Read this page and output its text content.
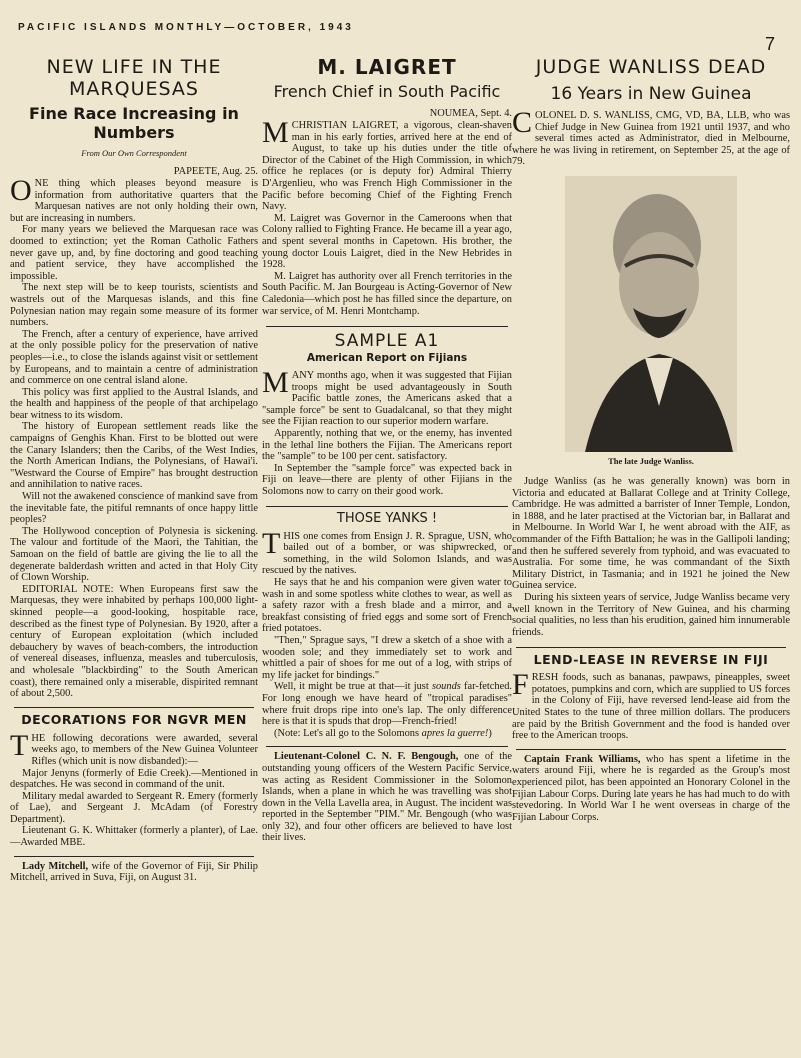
PACIFIC ISLANDS MONTHLY—OCTOBER, 1943
7
NEW LIFE IN THE MARQUESAS
Fine Race Increasing in Numbers
From Our Own Correspondent

PAPEETE, Aug. 25.

ONE thing which pleases beyond measure is information from authoritative quarters that the Marquesan natives are not only holding their own, but are increasing in numbers.

For many years we believed the Marquesan race was doomed to extinction; yet the Roman Catholic Fathers never gave up, and, by fine doctoring and good teaching and patient service, they have accomplished the impossible.

The next step will be to keep tourists, scientists and wastrels out of the Marquesas islands, and this fine Polynesian nation may regain some measure of its former numbers.

The French, after a century of experience, have arrived at the only possible policy for the preservation of native peoples—i.e., to close the islands against visit or settlement by Europeans, and to maintain a centre of administration and commerce on one central island alone.

This policy was first applied to the Austral Islands, and the health and happiness of the people of that archipelago bear witness to its wisdom.

The history of European settlement reads like the campaigns of Genghis Khan. First to be blotted out were the Canary Islanders; then the Caribs, of the West Indies, the North American Indians, the Polynesians, of Hawai'i. "Westward the Course of Empire" has brought destruction and annihilation to native races.

Will not the awakened conscience of mankind save from the inevitable fate, the pitiful remnants of once happy little peoples?

The Hollywood conception of Polynesia is sickening. The valour and fortitude of the Maori, the Tahitian, the Samoan on the field of battle are giving the lie to all the degenerate balderdash written and acted in that Holy City of Clown Worship.

EDITORIAL NOTE: When Europeans first saw the Marquesas, they were inhabited by perhaps 100,000 light-skinned people—a good-looking, hospitable race, described as the finest type of Polynesian. By 1920, after a century of European exploitation (which included debauchery by waves of beach-combers, the introduction of venereal diseases, influenza, measles and tuberculosis, and wholesale "blackbirding" to the South American coast), there remained only a miserable, dispirited remnant of about 2,500.

DECORATIONS FOR NGVR MEN

THE following decorations were awarded, several weeks ago, to members of the New Guinea Volunteer Rifles (which unit is now disbanded):—

Major Jenyns (formerly of Edie Creek).—Mentioned in despatches. He was second in command of the unit.

Military medal awarded to Sergeant R. Emery (formerly of Lae), and Sergeant J. McAdam (of Forestry Department).

Lieutenant G. K. Whittaker (formerly a planter), of Lae.—Awarded MBE.

Lady Mitchell, wife of the Governor of Fiji, Sir Philip Mitchell, arrived in Suva, Fiji, on August 31.

M. LAIGRET
French Chief in South Pacific

NOUMEA, Sept. 4.

MCHRISTIAN LAIGRET, a vigorous, clean-shaven man in his early forties, arrived here at the end of August, to take up his duties under the title of Director of the Cabinet of the High Commission, in which office he replaces (or is deputy for) Admiral Thierry D'Argenlieu, who was French High Commissioner in the Pacific before becoming Chief of the Fighting French Navy.

M. Laigret was Governor in the Cameroons when that Colony rallied to Fighting France. He became ill a year ago, and spent several months in Capetown. His brother, the young doctor Louis Laigret, died in the New Hebrides in 1928.

M. Laigret has authority over all French territories in the South Pacific. M. Jan Bourgeau is Acting-Governor of New Caledonia—which post he has filled since the departure, on war service, of M. Henri Montchamp.

SAMPLE A1
American Report on Fijians

MANY months ago, when it was suggested that Fijian troops might be used advantageously in South Pacific battle zones, the Americans asked that a "sample force" be sent to Guadalcanal, so that they might see the Fijian reaction to our superior modern warfare.

Apparently, nothing that we, or the enemy, has invented in the lethal line bothers the Fijian. The Americans report the "sample" to be 100 per cent. satisfactory.

In September the "sample force" was expected back in Fiji on leave—there are plenty of other Fijians in the Solomons now to carry on their good work.

THOSE YANKS !

THIS one comes from Ensign J. R. Sprague, USN, who bailed out of a bomber, or was shipwrecked, or something, in the wild Solomon Islands, and was rescued by the natives.

He says that he and his companion were given water to wash in and some spotless white clothes to wear, as well as a safety razor with a fresh blade and a mirror, and a breakfast consisting of fried eggs and some sort of French fried potatoes.

"Then," Sprague says, "I drew a sketch of a shoe with a wooden sole; and they immediately set to work and whittled a pair of shoes for me out of a log, with strips of my life jacket for bindings."

Well, it might be true at that—it just sounds far-fetched. For long enough we have heard of "tropical paradises" where fruit drops ripe into one's lap. The only difference here is that it is spuds that drop—French-fried!

(Note: Let's all go to the Solomons apres la guerre!)

Lieutenant-Colonel C. N. F. Bengough, one of the outstanding young officers of the Western Pacific Service, was acting as Resident Commissioner in the Solomon Islands, when a plane in which he was travelling was shot down in the Vella Lavella area, in August. The incident was reported in the September "PIM." Mr. Bengough (who was only 32), and four other officers are believed to have lost their lives.

JUDGE WANLISS DEAD
16 Years in New Guinea

COLONEL D. S. WANLISS, CMG, VD, BA, LLB, who was Chief Judge in New Guinea from 1921 until 1937, and who several times acted as Administrator, died in Melbourne, where he was living in retirement, on September 25, at the age of 79.

The late Judge Wanliss.

Judge Wanliss (as he was generally known) was born in Victoria and educated at Ballarat College and at Trinity College, Cambridge. He was admitted a barrister of Inner Temple, London, in 1888, and he later practised at the Victorian bar, in Ballarat and in Melbourne. In World War I, he went abroad with the AIF, as commander of the Fifth Battalion; he was in the Gallipoli landing; and then he suffered severely from typhoid, and was evacuated to Australia. For some time, he was commandant of the Sixth Military District, in Tasmania; and in 1921 he joined the New Guinea service.

During his sixteen years of service, Judge Wanliss became very well known in the Territory of New Guinea, and his charming social qualities, no less than his erudition, gained him innumerable friends.

LEND-LEASE IN REVERSE IN FIJI

FRESH foods, such as bananas, pawpaws, pineapples, sweet potatoes, pumpkins and corn, which are supplied to US forces in the Colony of Fiji, have reversed lend-lease aid from the United States to the tune of three million dollars. The producers are paid by the British Government and the food is handed over free to the American troops.

Captain Frank Williams, who has spent a lifetime in the waters around Fiji, where he is regarded as the Group's most experienced pilot, has been appointed an Honorary Colonel in the Fijian Labour Corps. During late years he has had much to do with stevedoring. In World War I he went overseas in charge of the Fijian Labour Corps.
